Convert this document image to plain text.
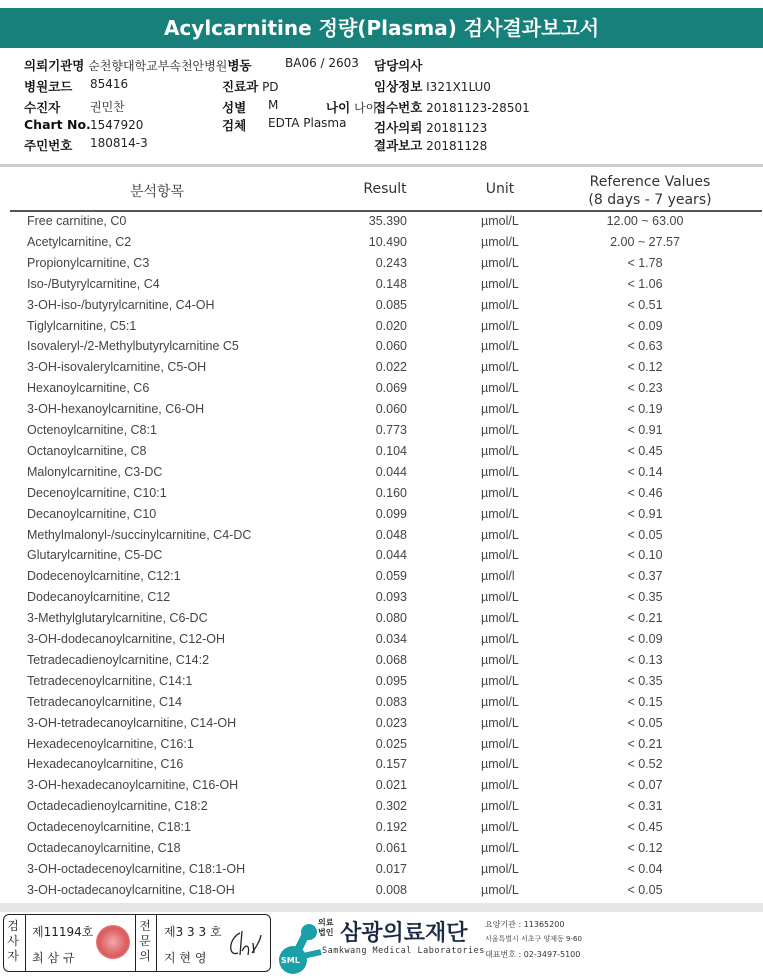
Acylcarnitine 정량(Plasma) 검사결과보고서
의뢰기관명 순천향대학교부속천안병원병동	BA06 / 2603 담당의사
병원코드 85416	진료과 PD	임상정보 I321X1LU0
수진자 권민찬	성별 M	나이 나이
접수번호 20181123-28501
Chart No. 1547920	검체 EDTA Plasma 검사의뢰 20181123
주민번호 180814-3	결과보고 20181128
분석항목	Result	Unit	Reference Values
(8 days - 7 years)
Free carnitine, C0	35.390	µmol/L	12.00 ~ 63.00
Acetylcarnitine, C2	10.490	µmol/L	2.00 ~ 27.57
Propionylcarnitine, C3	0.243	µmol/L	< 1.78
Iso-/Butyrylcarnitine, C4	0.148	µmol/L	< 1.06
3-OH-iso-/butyrylcarnitine, C4-OH	0.085	µmol/L	< 0.51
Tiglylcarnitine, C5:1	0.020	µmol/L	< 0.09
Isovaleryl-/2-Methylbutyrylcarnitine C5	0.060	µmol/L	< 0.63
3-OH-isovalerylcarnitine, C5-OH	0.022	µmol/L	< 0.12
Hexanoylcarnitine, C6	0.069	µmol/L	< 0.23
3-OH-hexanoylcarnitine, C6-OH	0.060	µmol/L	< 0.19
Octenoylcarnitine, C8:1	0.773	µmol/L	< 0.91
Octanoylcarnitine, C8	0.104	µmol/L	< 0.45
Malonylcarnitine, C3-DC	0.044	µmol/L	< 0.14
Decenoylcarnitine, C10:1	0.160	µmol/L	< 0.46
Decanoylcarnitine, C10	0.099	µmol/L	< 0.91
Methylmalonyl-/succinylcarnitine, C4-DC	0.048	µmol/L	< 0.05
Glutarylcarnitine, C5-DC	0.044	µmol/L	< 0.10
Dodecenoylcarnitine, C12:1	0.059	µmol/l	< 0.37
Dodecanoylcarnitine, C12	0.093	µmol/L	< 0.35
3-Methylglutarylcarnitine, C6-DC	0.080	µmol/L	< 0.21
3-OH-dodecanoylcarnitine, C12-OH	0.034	µmol/L	< 0.09
Tetradecadienoylcarnitine, C14:2	0.068	µmol/L	< 0.13
Tetradecenoylcarnitine, C14:1	0.095	µmol/L	< 0.35
Tetradecanoylcarnitine, C14	0.083	µmol/L	< 0.15
3-OH-tetradecanoylcarnitine, C14-OH	0.023	µmol/L	< 0.05
Hexadecenoylcarnitine, C16:1	0.025	µmol/L	< 0.21
Hexadecanoylcarnitine, C16	0.157	µmol/L	< 0.52
3-OH-hexadecanoylcarnitine, C16-OH	0.021	µmol/L	< 0.07
Octadecadienoylcarnitine, C18:2	0.302	µmol/L	< 0.31
Octadecenoylcarnitine, C18:1	0.192	µmol/L	< 0.45
Octadecanoylcarnitine, C18	0.061	µmol/L	< 0.12
3-OH-octadecenoylcarnitine, C18:1-OH	0.017	µmol/L	< 0.04
3-OH-octadecanoylcarnitine, C18-OH	0.008	µmol/L	< 0.05
검사자
제11194호
최 삼 규
전문의
제3 3 3 호
지 현 영	SML
의료
법인 삼광의료재단
Samkwang Medical Laboratories
요양기관 : 11365200
서울특별시 서초구 양재동 9-60
대표번호 : 02-3497-5100
